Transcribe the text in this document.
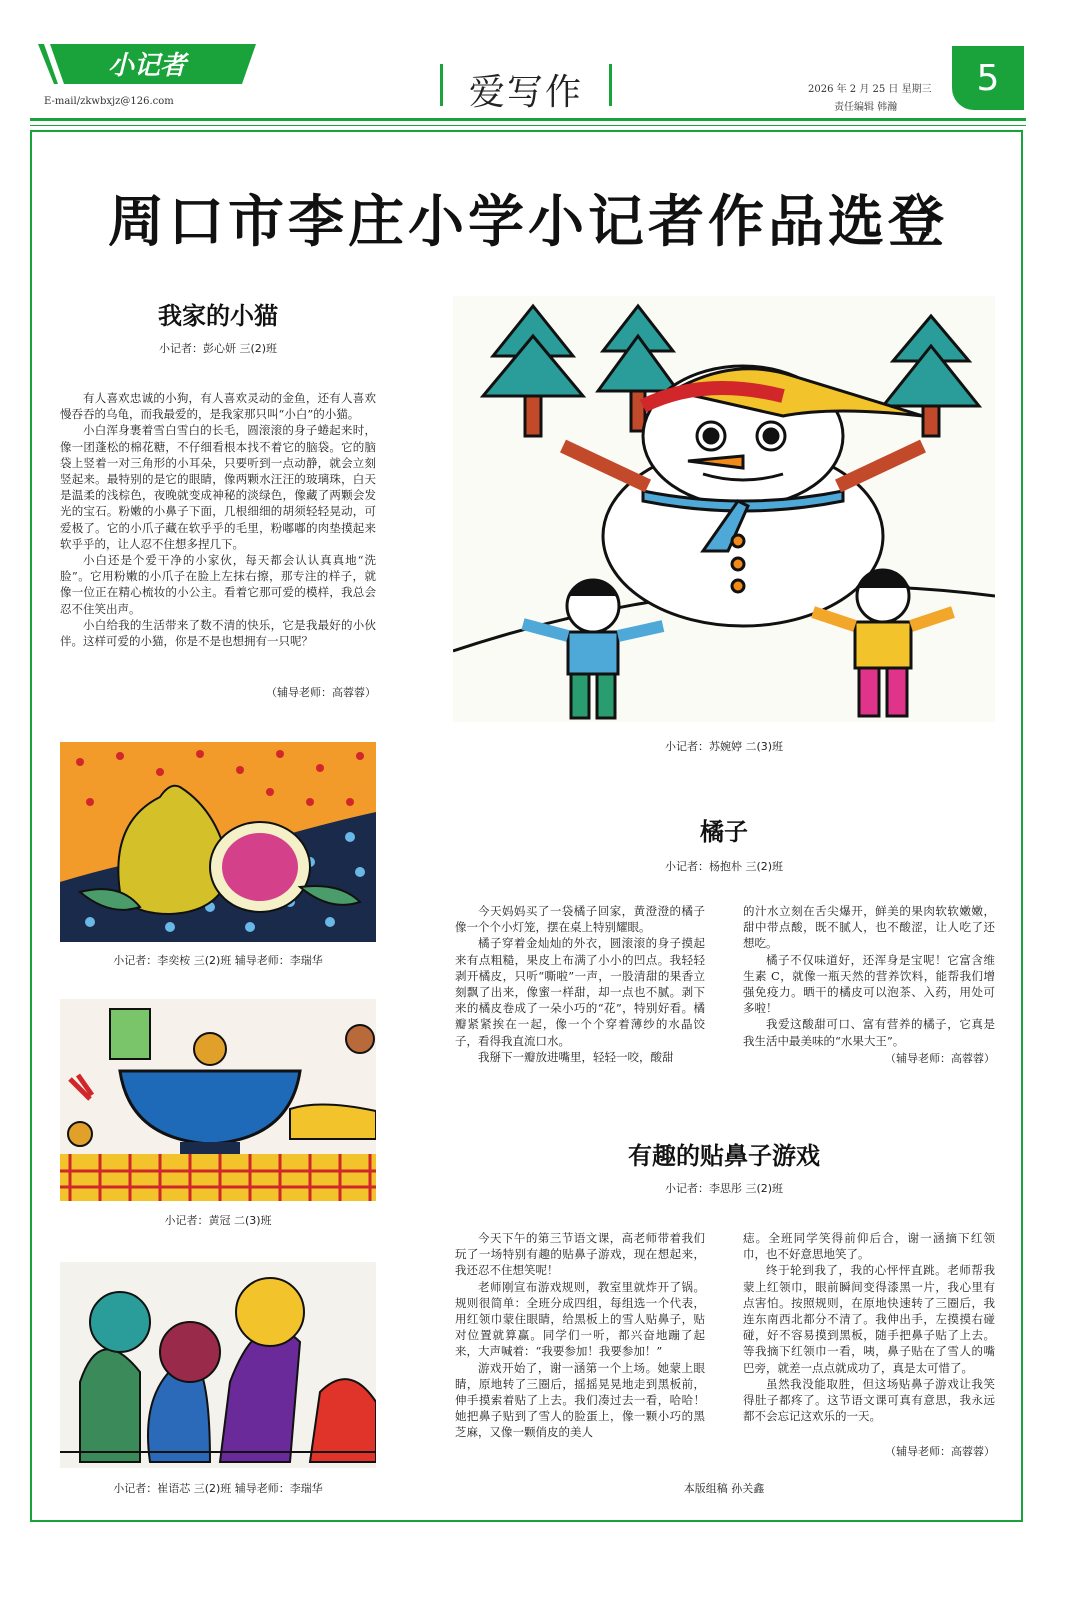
小记者
E-mail/zkwbxjz@126.com	爱写作	2026 年 2 月 25 日 星期三
责任编辑 韩瀚
5
周口市李庄小学小记者作品选登
我家的小猫
小记者：彭心妍 三(2)班

有人喜欢忠诚的小狗，有人喜欢灵动的金鱼，还有人喜欢慢吞吞的乌龟，而我最爱的，是我家那只叫“小白”的小猫。

小白浑身裹着雪白雪白的长毛，圆滚滚的身子蜷起来时，像一团蓬松的棉花糖，不仔细看根本找不着它的脑袋。它的脑袋上竖着一对三角形的小耳朵，只要听到一点动静，就会立刻竖起来。最特别的是它的眼睛，像两颗水汪汪的玻璃珠，白天是温柔的浅棕色，夜晚就变成神秘的淡绿色，像藏了两颗会发光的宝石。粉嫩的小鼻子下面，几根细细的胡须轻轻晃动，可爱极了。它的小爪子藏在软乎乎的毛里，粉嘟嘟的肉垫摸起来软乎乎的，让人忍不住想多捏几下。

小白还是个爱干净的小家伙，每天都会认认真真地“洗脸”。它用粉嫩的小爪子在脸上左抹右擦，那专注的样子，就像一位正在精心梳妆的小公主。看着它那可爱的模样，我总会忍不住笑出声。

小白给我的生活带来了数不清的快乐，它是我最好的小伙伴。这样可爱的小猫，你是不是也想拥有一只呢？

（辅导老师：高蓉蓉）
小记者：苏婉婷 二(3)班
橘子
小记者：杨抱朴 三(2)班

今天妈妈买了一袋橘子回家，黄澄澄的橘子像一个个小灯笼，摆在桌上特别耀眼。

橘子穿着金灿灿的外衣，圆滚滚的身子摸起来有点粗糙，果皮上布满了小小的凹点。我轻轻剥开橘皮，只听“嘶啦”一声，一股清甜的果香立刻飘了出来，像蜜一样甜，却一点也不腻。剥下来的橘皮卷成了一朵小巧的“花”，特别好看。橘瓣紧紧挨在一起，像一个个穿着薄纱的水晶饺子，看得我直流口水。

我掰下一瓣放进嘴里，轻轻一咬，酸甜

的汁水立刻在舌尖爆开，鲜美的果肉软软嫩嫩，甜中带点酸，既不腻人，也不酸涩，让人吃了还想吃。

橘子不仅味道好，还浑身是宝呢！它富含维生素 C，就像一瓶天然的营养饮料，能帮我们增强免疫力。晒干的橘皮可以泡茶、入药，用处可多啦！

我爱这酸甜可口、富有营养的橘子，它真是我生活中最美味的“水果大王”。

（辅导老师：高蓉蓉）
有趣的贴鼻子游戏
小记者：李思彤 三(2)班

今天下午的第三节语文课，高老师带着我们玩了一场特别有趣的贴鼻子游戏，现在想起来，我还忍不住想笑呢！

老师刚宣布游戏规则，教室里就炸开了锅。规则很简单：全班分成四组，每组选一个代表，用红领巾蒙住眼睛，给黑板上的雪人贴鼻子，贴对位置就算赢。同学们一听，都兴奋地蹦了起来，大声喊着：“我要参加！我要参加！”

游戏开始了，谢一涵第一个上场。她蒙上眼睛，原地转了三圈后，摇摇晃晃地走到黑板前，伸手摸索着贴了上去。我们凑过去一看，哈哈！她把鼻子贴到了雪人的脸蛋上，像一颗小巧的黑芝麻，又像一颗俏皮的美人

痣。全班同学笑得前仰后合，谢一涵摘下红领巾，也不好意思地笑了。

终于轮到我了，我的心怦怦直跳。老师帮我蒙上红领巾，眼前瞬间变得漆黑一片，我心里有点害怕。按照规则，在原地快速转了三圈后，我连东南西北都分不清了。我伸出手，左摸摸右碰碰，好不容易摸到黑板，随手把鼻子贴了上去。等我摘下红领巾一看，咦，鼻子贴在了雪人的嘴巴旁，就差一点点就成功了，真是太可惜了。

虽然我没能取胜，但这场贴鼻子游戏让我笑得肚子都疼了。这节语文课可真有意思，我永远都不会忘记这欢乐的一天。

（辅导老师：高蓉蓉）
小记者：李奕桉 三(2)班 辅导老师：李瑞华
小记者：黄冠 二(3)班
小记者：崔语芯 三(2)班 辅导老师：李瑞华	本版组稿 孙关鑫
